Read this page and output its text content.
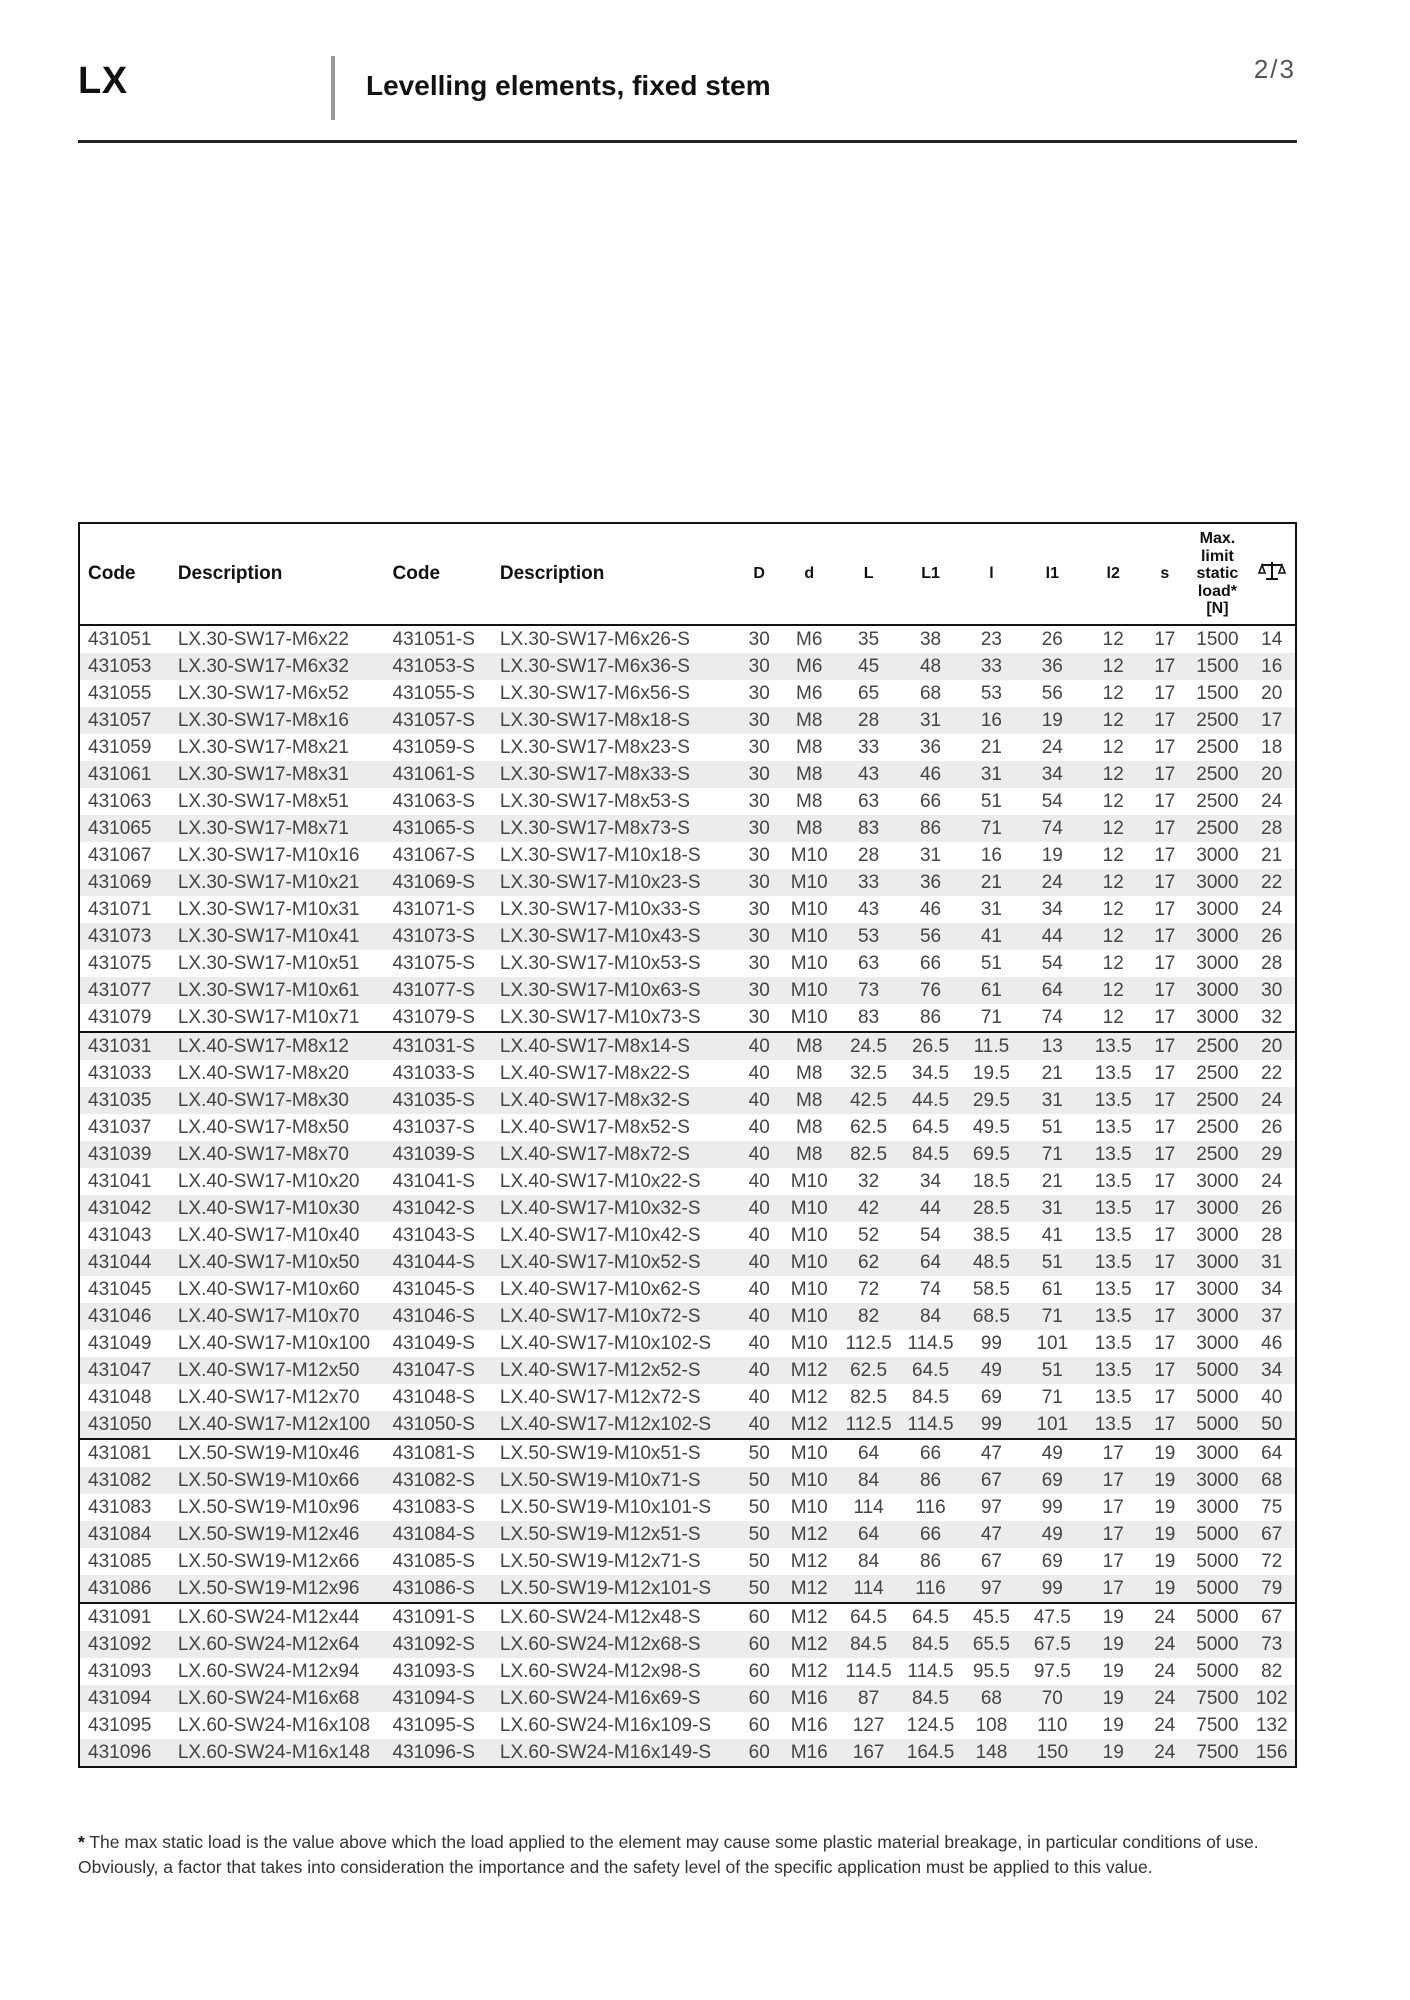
LX	Levelling elements, fixed stem
2/3
Code	Description	Code	Description	D	d	L	L1	l	l1	l2	s	Max. limit static load* [N]	
431051	LX.30-SW17-M6x22	431051-S	LX.30-SW17-M6x26-S	30	M6	35	38	23	26	12	17	1500	14
431053	LX.30-SW17-M6x32	431053-S	LX.30-SW17-M6x36-S	30	M6	45	48	33	36	12	17	1500	16
431055	LX.30-SW17-M6x52	431055-S	LX.30-SW17-M6x56-S	30	M6	65	68	53	56	12	17	1500	20
431057	LX.30-SW17-M8x16	431057-S	LX.30-SW17-M8x18-S	30	M8	28	31	16	19	12	17	2500	17
431059	LX.30-SW17-M8x21	431059-S	LX.30-SW17-M8x23-S	30	M8	33	36	21	24	12	17	2500	18
431061	LX.30-SW17-M8x31	431061-S	LX.30-SW17-M8x33-S	30	M8	43	46	31	34	12	17	2500	20
431063	LX.30-SW17-M8x51	431063-S	LX.30-SW17-M8x53-S	30	M8	63	66	51	54	12	17	2500	24
431065	LX.30-SW17-M8x71	431065-S	LX.30-SW17-M8x73-S	30	M8	83	86	71	74	12	17	2500	28
431067	LX.30-SW17-M10x16	431067-S	LX.30-SW17-M10x18-S	30	M10	28	31	16	19	12	17	3000	21
431069	LX.30-SW17-M10x21	431069-S	LX.30-SW17-M10x23-S	30	M10	33	36	21	24	12	17	3000	22
431071	LX.30-SW17-M10x31	431071-S	LX.30-SW17-M10x33-S	30	M10	43	46	31	34	12	17	3000	24
431073	LX.30-SW17-M10x41	431073-S	LX.30-SW17-M10x43-S	30	M10	53	56	41	44	12	17	3000	26
431075	LX.30-SW17-M10x51	431075-S	LX.30-SW17-M10x53-S	30	M10	63	66	51	54	12	17	3000	28
431077	LX.30-SW17-M10x61	431077-S	LX.30-SW17-M10x63-S	30	M10	73	76	61	64	12	17	3000	30
431079	LX.30-SW17-M10x71	431079-S	LX.30-SW17-M10x73-S	30	M10	83	86	71	74	12	17	3000	32
431031	LX.40-SW17-M8x12	431031-S	LX.40-SW17-M8x14-S	40	M8	24.5	26.5	11.5	13	13.5	17	2500	20
431033	LX.40-SW17-M8x20	431033-S	LX.40-SW17-M8x22-S	40	M8	32.5	34.5	19.5	21	13.5	17	2500	22
431035	LX.40-SW17-M8x30	431035-S	LX.40-SW17-M8x32-S	40	M8	42.5	44.5	29.5	31	13.5	17	2500	24
431037	LX.40-SW17-M8x50	431037-S	LX.40-SW17-M8x52-S	40	M8	62.5	64.5	49.5	51	13.5	17	2500	26
431039	LX.40-SW17-M8x70	431039-S	LX.40-SW17-M8x72-S	40	M8	82.5	84.5	69.5	71	13.5	17	2500	29
431041	LX.40-SW17-M10x20	431041-S	LX.40-SW17-M10x22-S	40	M10	32	34	18.5	21	13.5	17	3000	24
431042	LX.40-SW17-M10x30	431042-S	LX.40-SW17-M10x32-S	40	M10	42	44	28.5	31	13.5	17	3000	26
431043	LX.40-SW17-M10x40	431043-S	LX.40-SW17-M10x42-S	40	M10	52	54	38.5	41	13.5	17	3000	28
431044	LX.40-SW17-M10x50	431044-S	LX.40-SW17-M10x52-S	40	M10	62	64	48.5	51	13.5	17	3000	31
431045	LX.40-SW17-M10x60	431045-S	LX.40-SW17-M10x62-S	40	M10	72	74	58.5	61	13.5	17	3000	34
431046	LX.40-SW17-M10x70	431046-S	LX.40-SW17-M10x72-S	40	M10	82	84	68.5	71	13.5	17	3000	37
431049	LX.40-SW17-M10x100	431049-S	LX.40-SW17-M10x102-S	40	M10	112.5	114.5	99	101	13.5	17	3000	46
431047	LX.40-SW17-M12x50	431047-S	LX.40-SW17-M12x52-S	40	M12	62.5	64.5	49	51	13.5	17	5000	34
431048	LX.40-SW17-M12x70	431048-S	LX.40-SW17-M12x72-S	40	M12	82.5	84.5	69	71	13.5	17	5000	40
431050	LX.40-SW17-M12x100	431050-S	LX.40-SW17-M12x102-S	40	M12	112.5	114.5	99	101	13.5	17	5000	50
431081	LX.50-SW19-M10x46	431081-S	LX.50-SW19-M10x51-S	50	M10	64	66	47	49	17	19	3000	64
431082	LX.50-SW19-M10x66	431082-S	LX.50-SW19-M10x71-S	50	M10	84	86	67	69	17	19	3000	68
431083	LX.50-SW19-M10x96	431083-S	LX.50-SW19-M10x101-S	50	M10	114	116	97	99	17	19	3000	75
431084	LX.50-SW19-M12x46	431084-S	LX.50-SW19-M12x51-S	50	M12	64	66	47	49	17	19	5000	67
431085	LX.50-SW19-M12x66	431085-S	LX.50-SW19-M12x71-S	50	M12	84	86	67	69	17	19	5000	72
431086	LX.50-SW19-M12x96	431086-S	LX.50-SW19-M12x101-S	50	M12	114	116	97	99	17	19	5000	79
431091	LX.60-SW24-M12x44	431091-S	LX.60-SW24-M12x48-S	60	M12	64.5	64.5	45.5	47.5	19	24	5000	67
431092	LX.60-SW24-M12x64	431092-S	LX.60-SW24-M12x68-S	60	M12	84.5	84.5	65.5	67.5	19	24	5000	73
431093	LX.60-SW24-M12x94	431093-S	LX.60-SW24-M12x98-S	60	M12	114.5	114.5	95.5	97.5	19	24	5000	82
431094	LX.60-SW24-M16x68	431094-S	LX.60-SW24-M16x69-S	60	M16	87	84.5	68	70	19	24	7500	102
431095	LX.60-SW24-M16x108	431095-S	LX.60-SW24-M16x109-S	60	M16	127	124.5	108	110	19	24	7500	132
431096	LX.60-SW24-M16x148	431096-S	LX.60-SW24-M16x149-S	60	M16	167	164.5	148	150	19	24	7500	156
* The max static load is the value above which the load applied to the element may cause some plastic material breakage, in particular conditions of use. Obviously, a factor that takes into consideration the importance and the safety level of the specific application must be applied to this value.
